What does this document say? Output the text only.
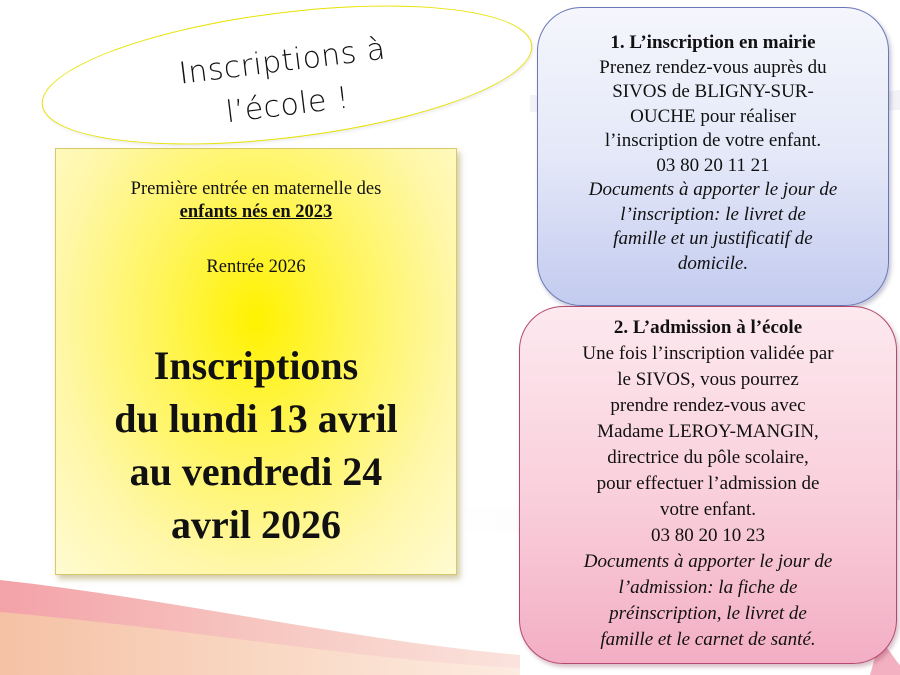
Inscriptions à
l’école !
Première entrée en maternelle des
enfants nés en 2023
Rentrée 2026
Inscriptions
du lundi 13 avril
au vendredi 24
avril 2026
1. L’inscription en mairie
Prenez rendez-vous auprès du
SIVOS de BLIGNY-SUR-
OUCHE pour réaliser
l’inscription de votre enfant.
03 80 20 11 21
Documents à apporter le jour de
l’inscription: le livret de
famille et un justificatif de
domicile.
2. L’admission à l’école
Une fois l’inscription validée par
le SIVOS, vous pourrez
prendre rendez-vous avec
Madame LEROY-MANGIN,
directrice du pôle scolaire,
pour effectuer l’admission de
votre enfant.
03 80 20 10 23
Documents à apporter le jour de
l’admission: la fiche de
préinscription, le livret de
famille et le carnet de santé.
